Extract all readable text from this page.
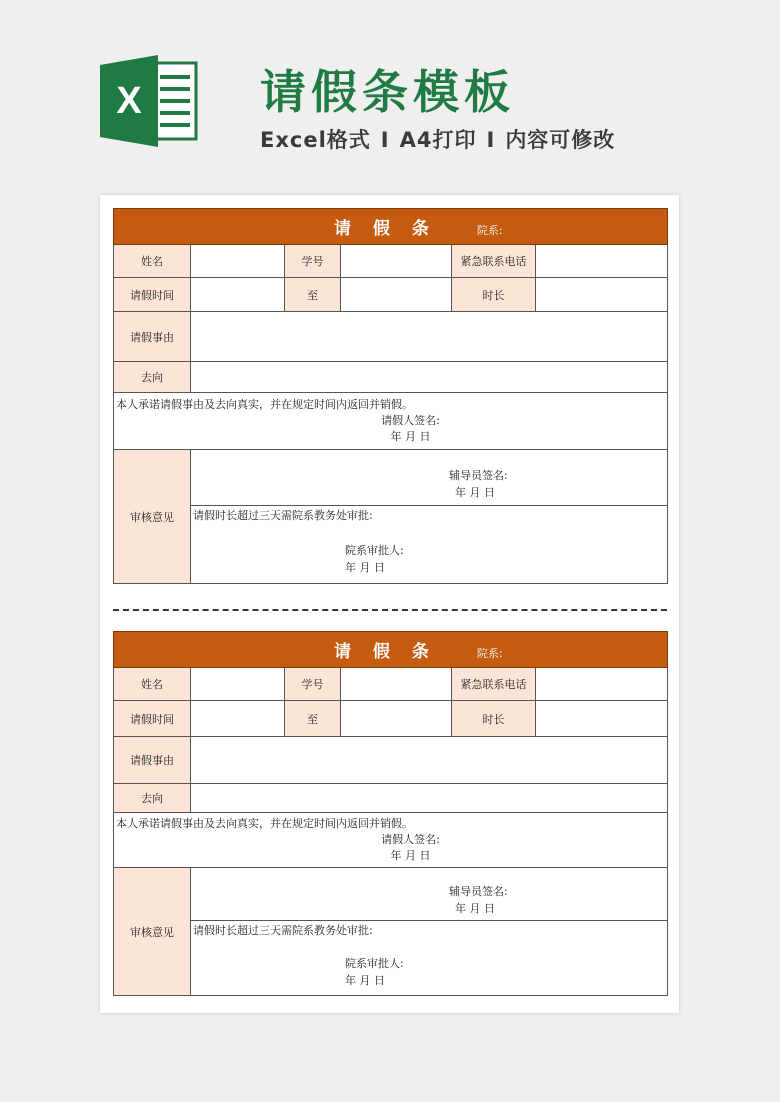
X	请假条模板
Excel格式 I A4打印 I 内容可修改
请 假 条 院系:					
姓名		学号		紧急联系电话	
请假时间		至		时长	
请假事由					
去向					

本人承诺请假事由及去向真实，并在规定时间内返回并销假。
请假人签名:
年 月 日					

审核意见	辅导员签名:
年 月 日				

	请假时长超过三天需院系教务处审批:
院系审批人:
年 月 日				
请 假 条 院系:					
姓名		学号		紧急联系电话	
请假时间		至		时长	
请假事由					
去向					

本人承诺请假事由及去向真实，并在规定时间内返回并销假。
请假人签名:
年 月 日					

审核意见	辅导员签名:
年 月 日				

	请假时长超过三天需院系教务处审批:
院系审批人:
年 月 日				
